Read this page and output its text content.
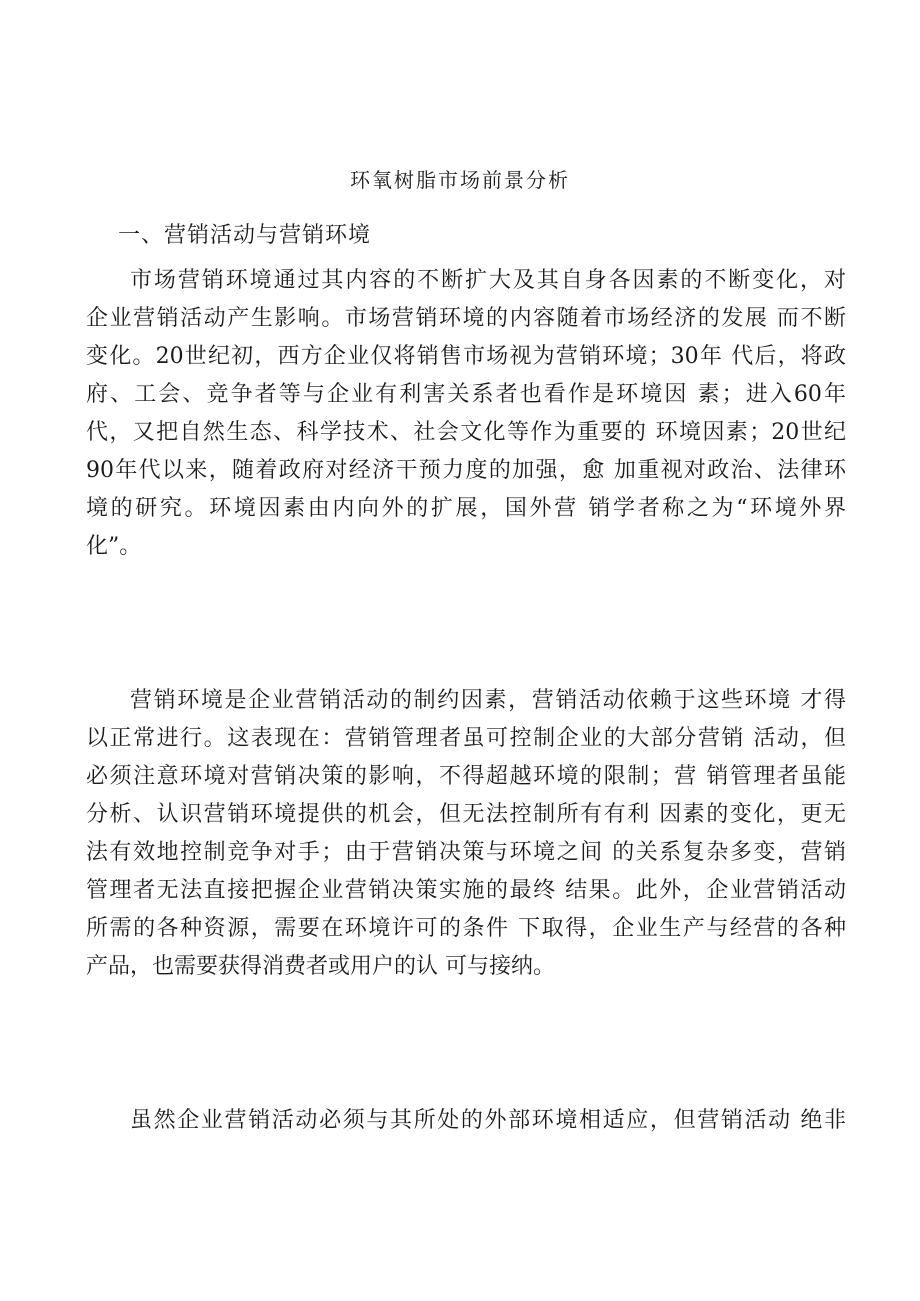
环氧树脂市场前景分析
一、营销活动与营销环境
市场营销环境通过其内容的不断扩大及其自身各因素的不断变化，对
企业营销活动产生影响。市场营销环境的内容随着市场经济的发展 而不断
变化。20世纪初，西方企业仅将销售市场视为营销环境；30年 代后，将政
府、工会、竞争者等与企业有利害关系者也看作是环境因 素；进入60年
代，又把自然生态、科学技术、社会文化等作为重要的 环境因素；20世纪
90年代以来，随着政府对经济干预力度的加强，愈 加重视对政治、法律环
境的研究。环境因素由内向外的扩展，国外营 销学者称之为“环境外界
化”。
营销环境是企业营销活动的制约因素，营销活动依赖于这些环境 才得
以正常进行。这表现在：营销管理者虽可控制企业的大部分营销 活动，但
必须注意环境对营销决策的影响，不得超越环境的限制；营 销管理者虽能
分析、认识营销环境提供的机会，但无法控制所有有利 因素的变化，更无
法有效地控制竞争对手；由于营销决策与环境之间 的关系复杂多变，营销
管理者无法直接把握企业营销决策实施的最终 结果。此外，企业营销活动
所需的各种资源，需要在环境许可的条件 下取得，企业生产与经营的各种
产品，也需要获得消费者或用户的认 可与接纳。
虽然企业营销活动必须与其所处的外部环境相适应，但营销活动 绝非
